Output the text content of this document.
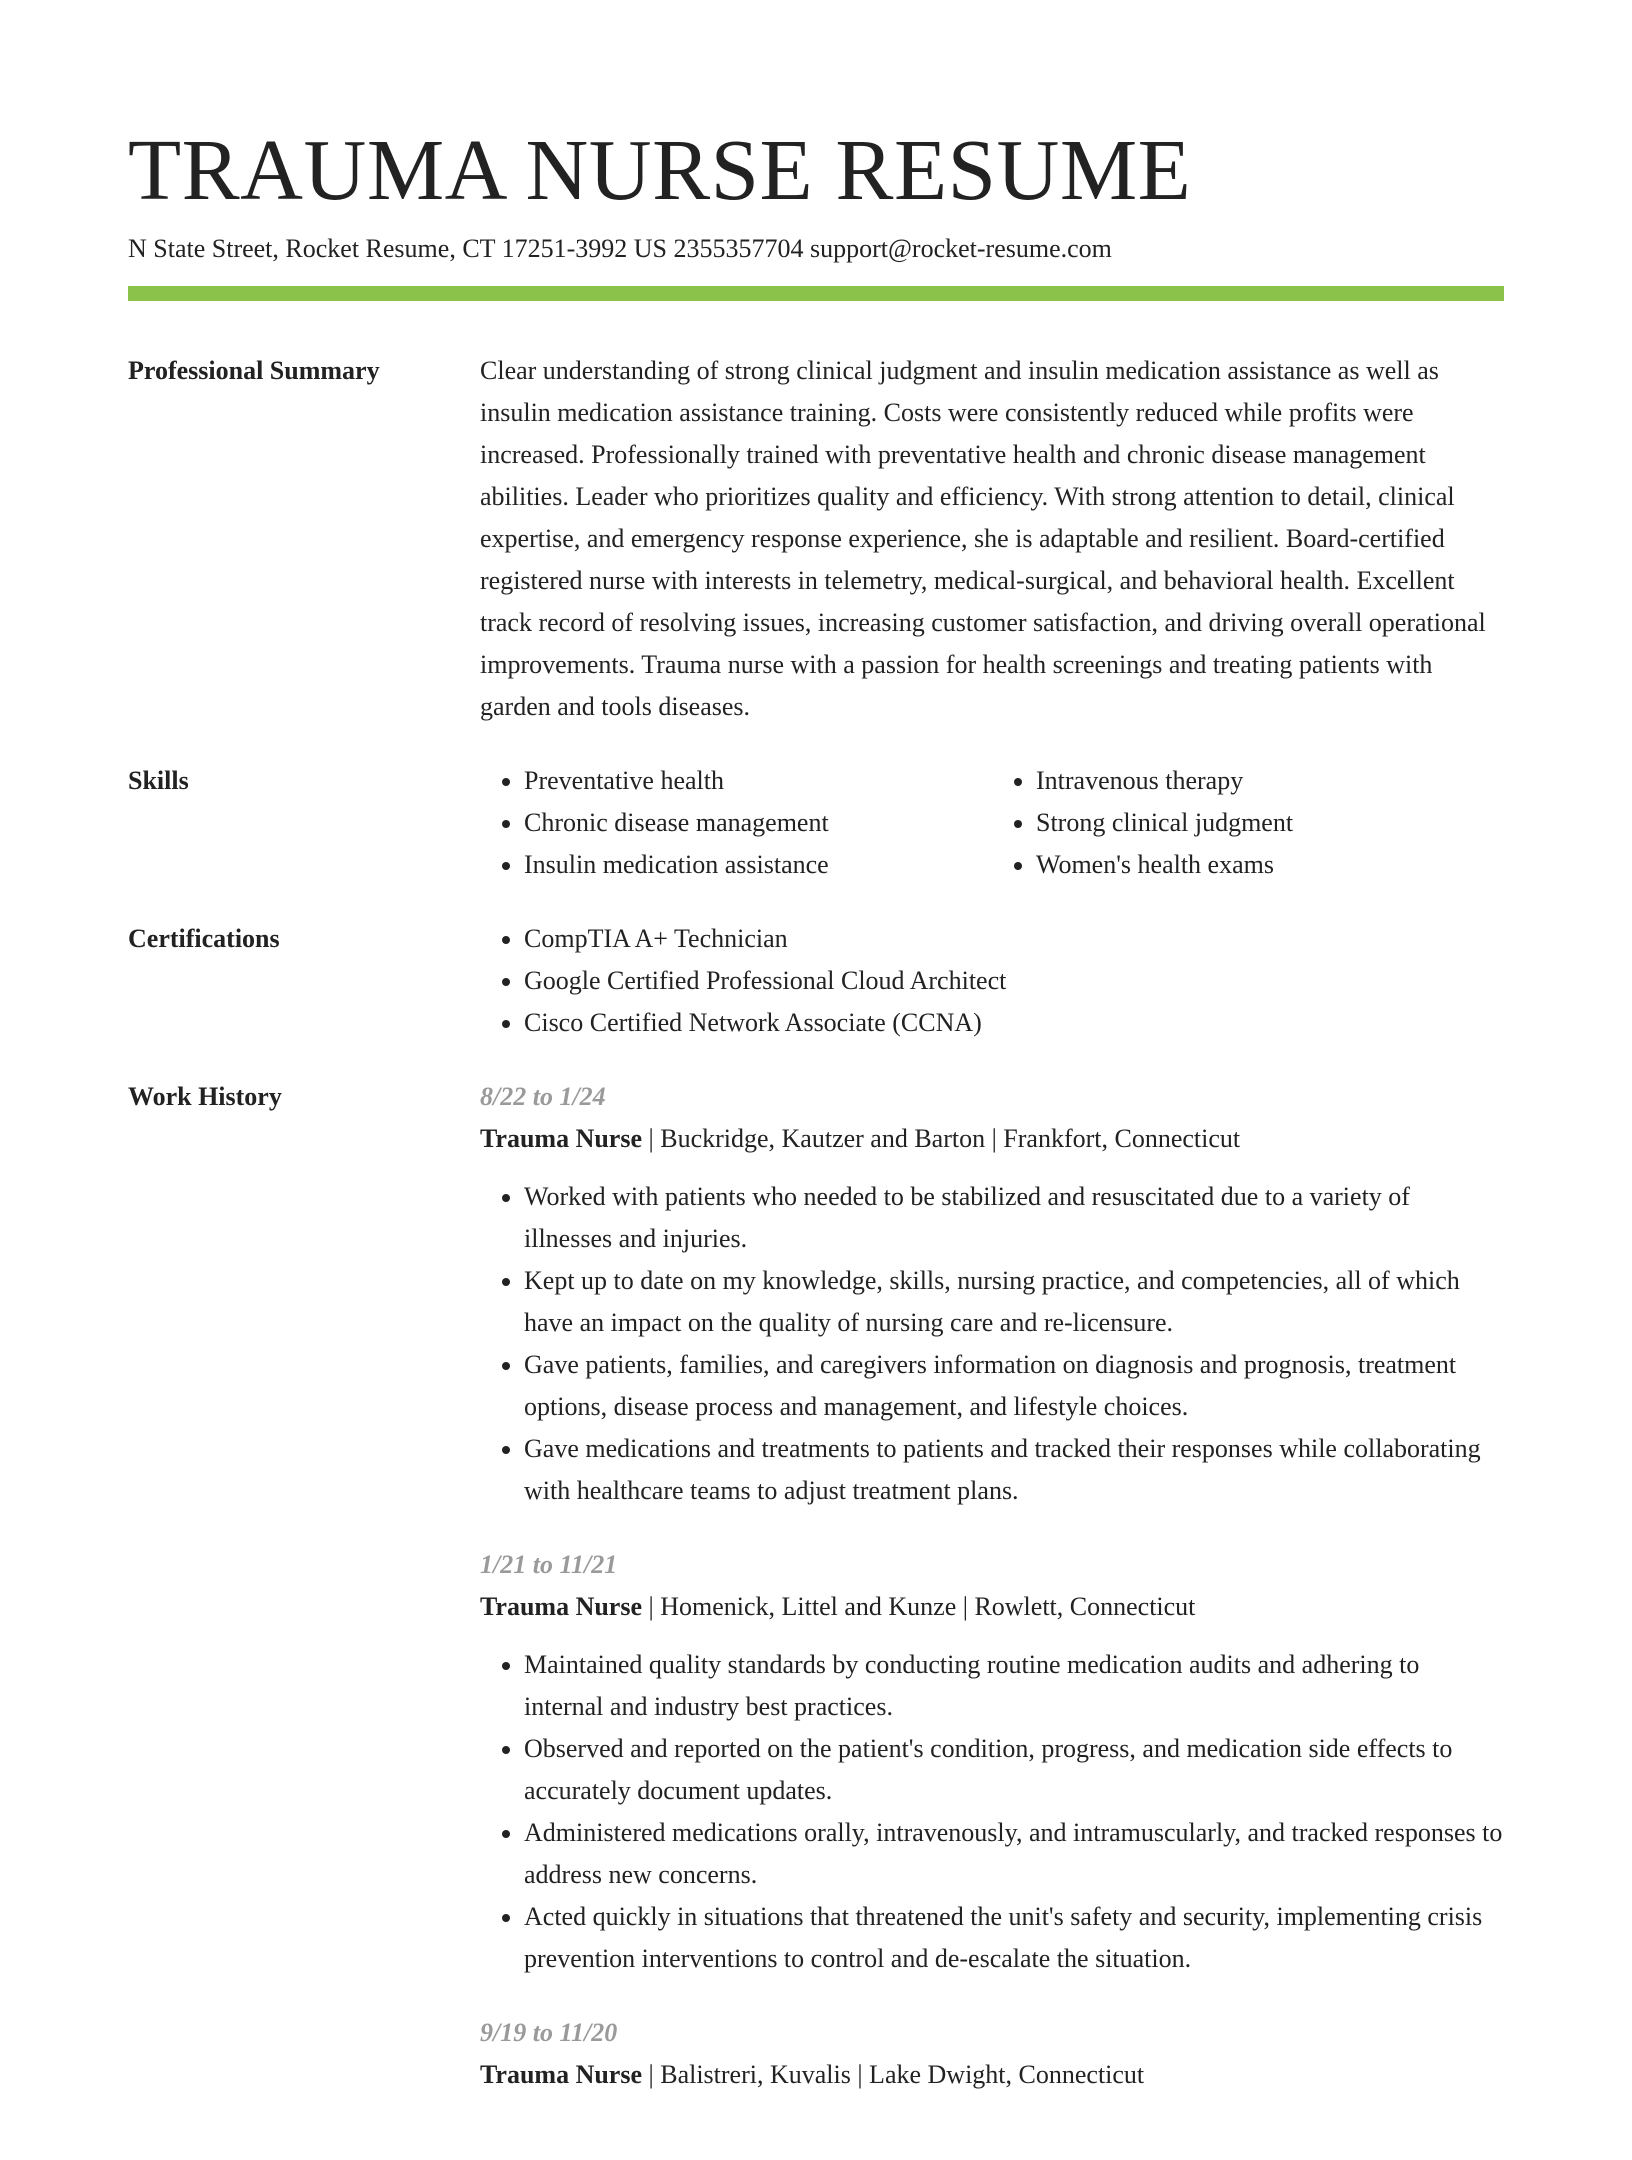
TRAUMA NURSE RESUME
N State Street, Rocket Resume, CT 17251-3992 US 2355357704 support@rocket-resume.com
Professional Summary	Clear understanding of strong clinical judgment and insulin medication assistance as well as insulin medication assistance training. Costs were consistently reduced while profits were increased. Professionally trained with preventative health and chronic disease management abilities. Leader who prioritizes quality and efficiency. With strong attention to detail, clinical expertise, and emergency response experience, she is adaptable and resilient. Board-certified registered nurse with interests in telemetry, medical-surgical, and behavioral health. Excellent track record of resolving issues, increasing customer satisfaction, and driving overall operational improvements. Trauma nurse with a passion for health screenings and treating patients with garden and tools diseases.

Skills	• Preventative health
• Chronic disease management
• Insulin medication assistance
• Intravenous therapy
• Strong clinical judgment
• Women's health exams
Certifications	• CompTIA A+ Technician
• Google Certified Professional Cloud Architect
• Cisco Certified Network Associate (CCNA)
Work History	8/22 to 1/24
Trauma Nurse | Buckridge, Kautzer and Barton | Frankfort, Connecticut
• Worked with patients who needed to be stabilized and resuscitated due to a variety of illnesses and injuries.
• Kept up to date on my knowledge, skills, nursing practice, and competencies, all of which have an impact on the quality of nursing care and re-licensure.
• Gave patients, families, and caregivers information on diagnosis and prognosis, treatment options, disease process and management, and lifestyle choices.
• Gave medications and treatments to patients and tracked their responses while collaborating with healthcare teams to adjust treatment plans.
1/21 to 11/21
Trauma Nurse | Homenick, Littel and Kunze | Rowlett, Connecticut
• Maintained quality standards by conducting routine medication audits and adhering to internal and industry best practices.
• Observed and reported on the patient's condition, progress, and medication side effects to accurately document updates.
• Administered medications orally, intravenously, and intramuscularly, and tracked responses to address new concerns.
• Acted quickly in situations that threatened the unit's safety and security, implementing crisis prevention interventions to control and de-escalate the situation.
9/19 to 11/20
Trauma Nurse | Balistreri, Kuvalis | Lake Dwight, Connecticut
